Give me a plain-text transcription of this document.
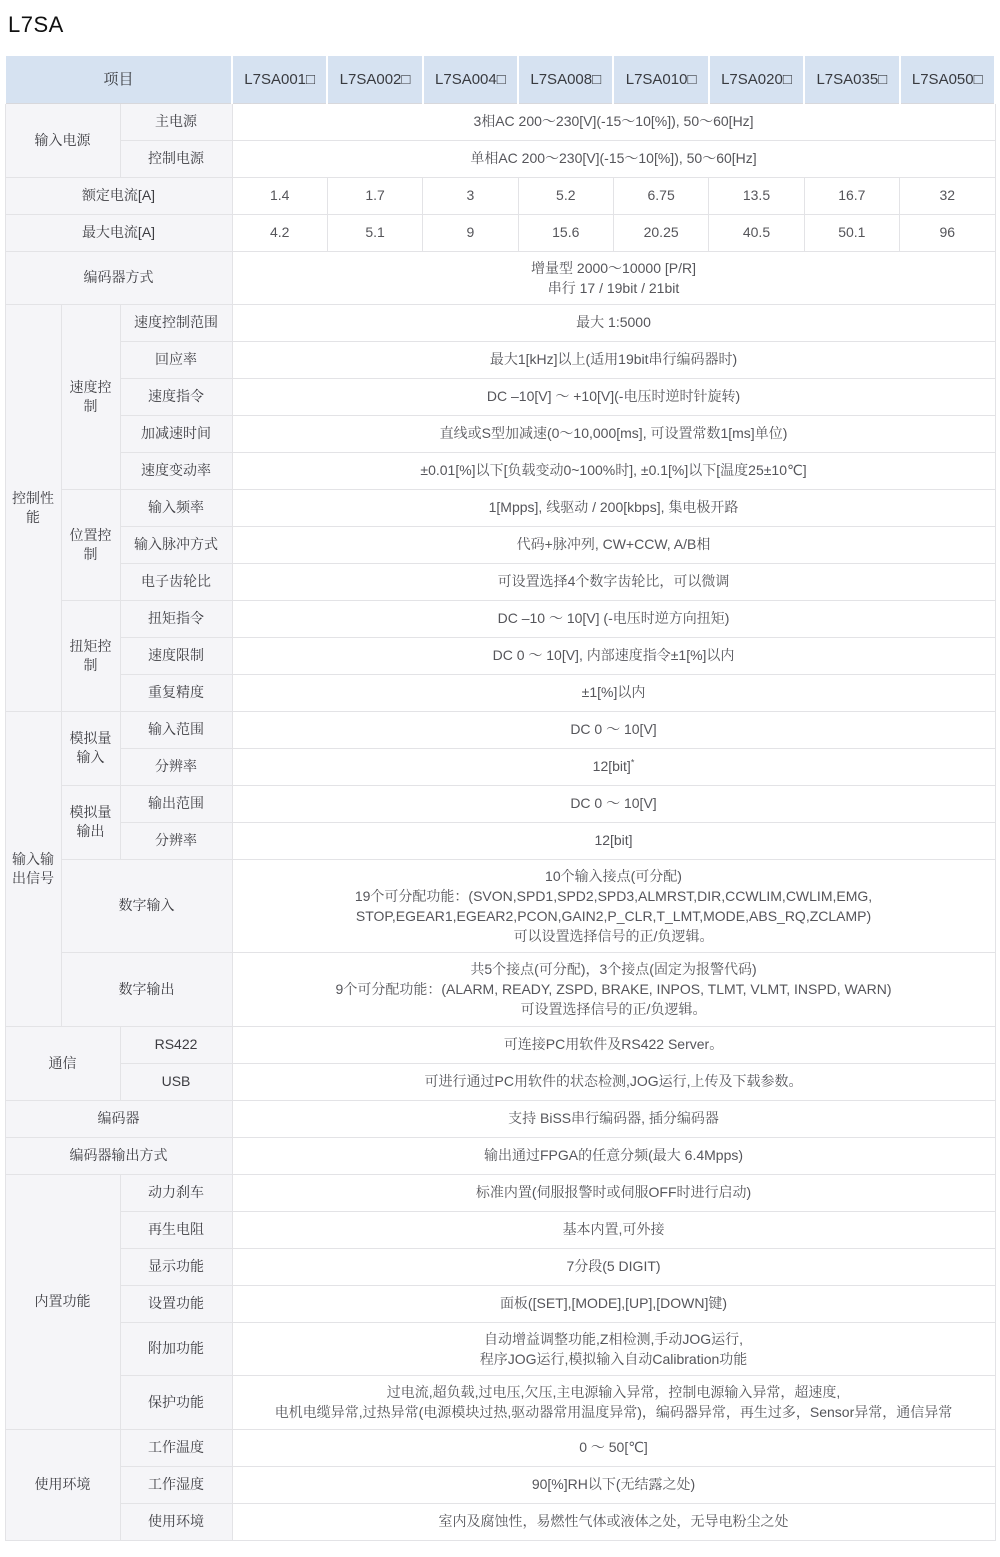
L7SA
项目			L7SA001□	L7SA002□	L7SA004□	L7SA008□	L7SA010□	L7SA020□	L7SA035□	L7SA050□
输入电源		主电源	3相AC 200～230[V](-15～10[%]), 50～60[Hz]							
		控制电源	单相AC 200～230[V](-15～10[%]), 50～60[Hz]							
额定电流[A]			1.4	1.7	3	5.2	6.75	13.5	16.7	32
最大电流[A]			4.2	5.1	9	15.6	20.25	40.5	50.1	96
编码器方式			增量型 2000～10000 [P/R]
串行 17 / 19bit / 21bit							

控制性能	速度控制	速度控制范围	最大 1:5000							
		回应率	最大1[kHz]以上(适用19bit串行编码器时)							
		速度指令	DC –10[V] ～ +10[V](-电压时逆时针旋转)							
		加减速时间	直线或S型加减速(0～10,000[ms], 可设置常数1[ms]单位)							
		速度变动率	±0.01[%]以下[负载变动0~100%时], ±0.1[%]以下[温度25±10℃]							
	位置控制	输入频率	1[Mpps], 线驱动 / 200[kbps], 集电极开路							
		输入脉冲方式	代码+脉冲列, CW+CCW, A/B相							
		电子齿轮比	可设置选择4个数字齿轮比，可以微调							
	扭矩控制	扭矩指令	DC –10 ～ 10[V] (-电压时逆方向扭矩)							
		速度限制	DC 0 ～ 10[V], 内部速度指令±1[%]以内							
		重复精度	±1[%]以内							
输入输出信号	模拟量输入	输入范围	DC 0 ～ 10[V]							
		分辨率	12[bit]*
	模拟量输出	输出范围	DC 0 ～ 10[V]							
		分辨率	12[bit]							
	数字输入		10个输入接点(可分配)
19个可分配功能：(SVON,SPD1,SPD2,SPD3,ALMRST,DIR,CCWLIM,CWLIM,EMG,
STOP,EGEAR1,EGEAR2,PCON,GAIN2,P_CLR,T_LMT,MODE,ABS_RQ,ZCLAMP)
可以设置选择信号的正/负逻辑。							

	数字输出		共5个接点(可分配)，3个接点(固定为报警代码)
9个可分配功能：(ALARM, READY, ZSPD, BRAKE, INPOS, TLMT, VLMT, INSPD, WARN)
可设置选择信号的正/负逻辑。							

通信		RS422	可连接PC用软件及RS422 Server。							
		USB	可进行通过PC用软件的状态检测,JOG运行,上传及下载参数。							
编码器			支持 BiSS串行编码器, 插分编码器							
编码器输出方式			输出通过FPGA的任意分频(最大 6.4Mpps)							
内置功能		动力刹车	标准内置(伺服报警时或伺服OFF时进行启动)							
		再生电阻	基本内置,可外接							
		显示功能	7分段(5 DIGIT)							
		设置功能	面板([SET],[MODE],[UP],[DOWN]键)							
		附加功能	自动增益调整功能,Z相检测,手动JOG运行,
程序JOG运行,模拟输入自动Calibration功能							

		保护功能	过电流,超负载,过电压,欠压,主电源输入异常，控制电源输入异常，超速度,
电机电缆异常,过热异常(电源模块过热,驱动器常用温度异常)，编码器异常，再生过多，Sensor异常，通信异常							

使用环境		工作温度	0 ～ 50[℃]							
		工作湿度	90[%]RH以下(无结露之处)							
		使用环境	室内及腐蚀性，易燃性气体或液体之处，无导电粉尘之处							
